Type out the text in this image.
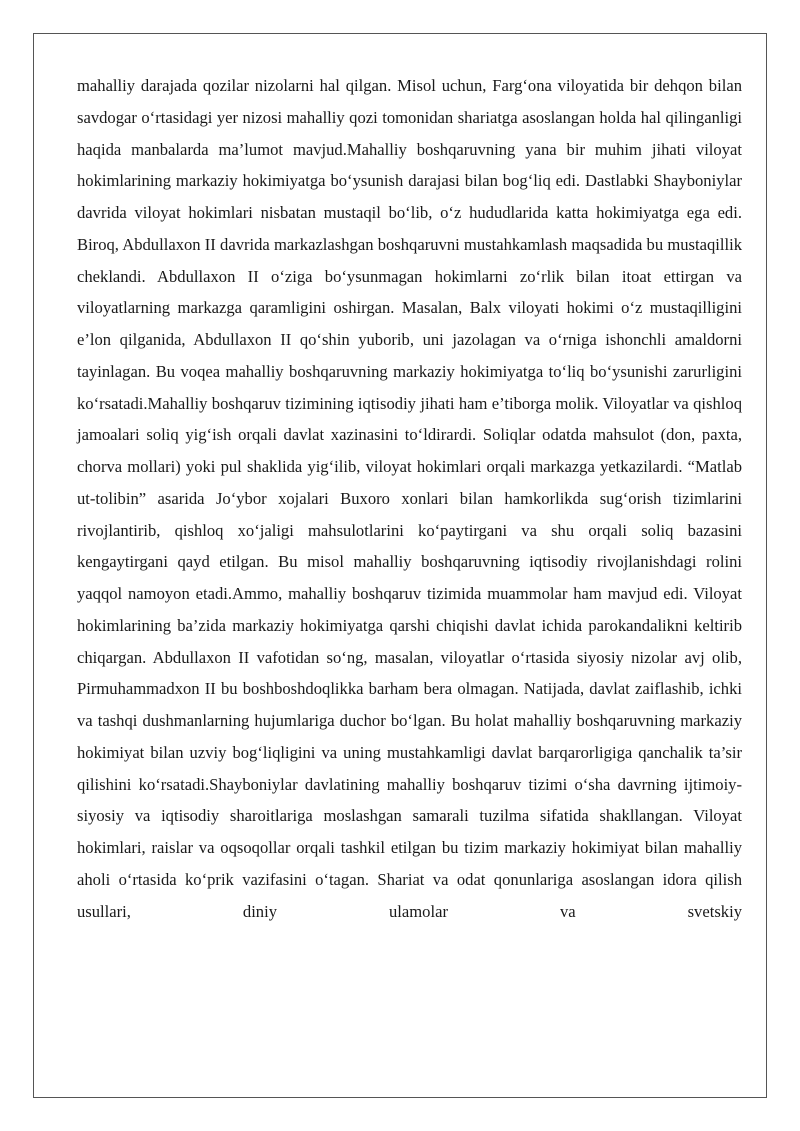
mahalliy darajada qozilar nizolarni hal qilgan. Misol uchun, Farg‘ona viloyatida bir dehqon bilan savdogar o‘rtasidagi yer nizosi mahalliy qozi tomonidan shariatga asoslangan holda hal qilinganligi haqida manbalarda ma’lumot mavjud.Mahalliy boshqaruvning yana bir muhim jihati viloyat hokimlarining markaziy hokimiyatga bo‘ysunish darajasi bilan bog‘liq edi. Dastlabki Shayboniylar davrida viloyat hokimlari nisbatan mustaqil bo‘lib, o‘z hududlarida katta hokimiyatga ega edi. Biroq, Abdullaxon II davrida markazlashgan boshqaruvni mustahkamlash maqsadida bu mustaqillik cheklandi. Abdullaxon II o‘ziga bo‘ysunmagan hokimlarni zo‘rlik bilan itoat ettirgan va viloyatlarning markazga qaramligini oshirgan. Masalan, Balx viloyati hokimi o‘z mustaqilligini e’lon qilganida, Abdullaxon II qo‘shin yuborib, uni jazolagan va o‘rniga ishonchli amaldorni tayinlagan. Bu voqea mahalliy boshqaruvning markaziy hokimiyatga to‘liq bo‘ysunishi zarurligini ko‘rsatadi.Mahalliy boshqaruv tizimining iqtisodiy jihati ham e’tiborga molik. Viloyatlar va qishloq jamoalari soliq yig‘ish orqali davlat xazinasini to‘ldirardi. Soliqlar odatda mahsulot (don, paxta, chorva mollari) yoki pul shaklida yig‘ilib, viloyat hokimlari orqali markazga yetkazilardi. “Matlab ut-tolibin” asarida Jo‘ybor xojalari Buxoro xonlari bilan hamkorlikda sug‘orish tizimlarini rivojlantirib, qishloq xo‘jaligi mahsulotlarini ko‘paytirgani va shu orqali soliq bazasini kengaytirgani qayd etilgan. Bu misol mahalliy boshqaruvning iqtisodiy rivojlanishdagi rolini yaqqol namoyon etadi.Ammo, mahalliy boshqaruv tizimida muammolar ham mavjud edi. Viloyat hokimlarining ba’zida markaziy hokimiyatga qarshi chiqishi davlat ichida parokandalikni keltirib chiqargan. Abdullaxon II vafotidan so‘ng, masalan, viloyatlar o‘rtasida siyosiy nizolar avj olib, Pirmuhammadxon II bu boshboshdoqlikka barham bera olmagan. Natijada, davlat zaiflashib, ichki va tashqi dushmanlarning hujumlariga duchor bo‘lgan. Bu holat mahalliy boshqaruvning markaziy hokimiyat bilan uzviy bog‘liqligini va uning mustahkamligi davlat barqarorligiga qanchalik ta’sir qilishini ko‘rsatadi.Shayboniylar davlatining mahalliy boshqaruv tizimi o‘sha davrning ijtimoiy-siyosiy va iqtisodiy sharoitlariga moslashgan samarali tuzilma sifatida shakllangan. Viloyat hokimlari, raislar va oqsoqollar orqali tashkil etilgan bu tizim markaziy hokimiyat bilan mahalliy aholi o‘rtasida ko‘prik vazifasini o‘tagan. Shariat va odat qonunlariga asoslangan idora qilish usullari, diniy ulamolar va svetskiy
